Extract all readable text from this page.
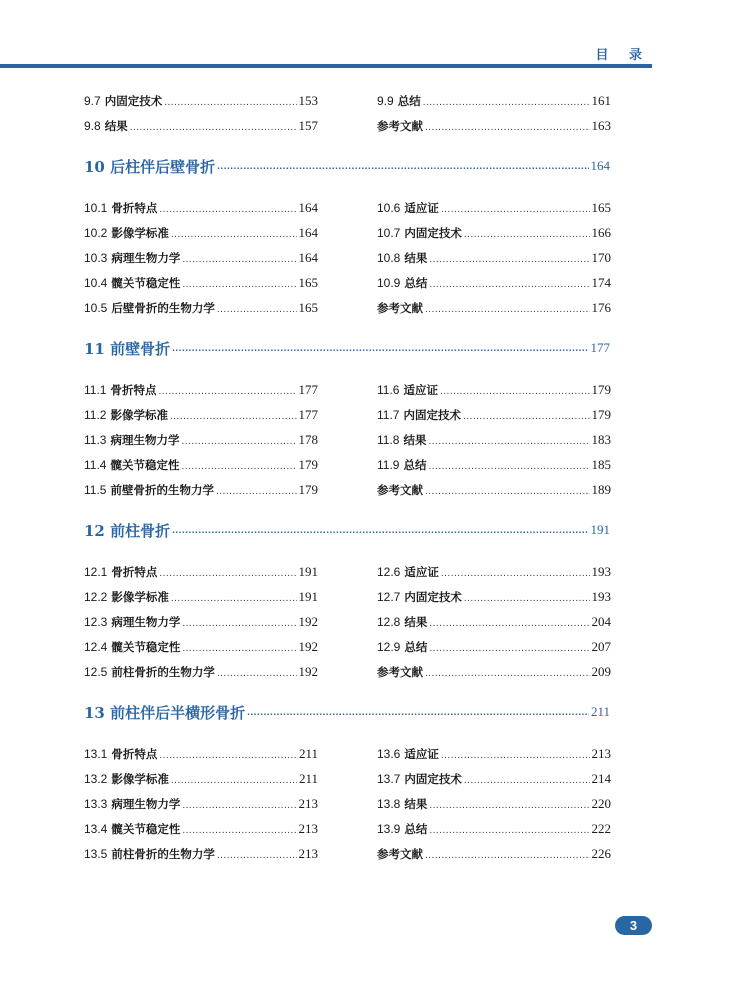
目 录
9.7 内固定技术 .....	153	9.9 总结 .....	161
9.8 结果 .....	157	参考文献 .....	163
10 后柱伴后壁骨折 .....	164
10.1 骨折特点 .....	164	10.6 适应证 .....	165
10.2 影像学标准 .....	164	10.7 内固定技术 .....	166
10.3 病理生物力学 .....	164	10.8 结果 .....	170
10.4 髋关节稳定性 .....	165	10.9 总结 .....	174
10.5 后壁骨折的生物力学 .....	165	参考文献 .....	176
11 前壁骨折 .....	177
11.1 骨折特点 .....	177	11.6 适应证 .....	179
11.2 影像学标准 .....	177	11.7 内固定技术 .....	179
11.3 病理生物力学 .....	178	11.8 结果 .....	183
11.4 髋关节稳定性 .....	179	11.9 总结 .....	185
11.5 前壁骨折的生物力学 .....	179	参考文献 .....	189
12 前柱骨折 .....	191
12.1 骨折特点 .....	191	12.6 适应证 .....	193
12.2 影像学标准 .....	191	12.7 内固定技术 .....	193
12.3 病理生物力学 .....	192	12.8 结果 .....	204
12.4 髋关节稳定性 .....	192	12.9 总结 .....	207
12.5 前柱骨折的生物力学 .....	192	参考文献 .....	209
13 前柱伴后半横形骨折 .....	211
13.1 骨折特点 .....	211	13.6 适应证 .....	213
13.2 影像学标准 .....	211	13.7 内固定技术 .....	214
13.3 病理生物力学 .....	213	13.8 结果 .....	220
13.4 髋关节稳定性 .....	213	13.9 总结 .....	222
13.5 前柱骨折的生物力学 .....	213	参考文献 .....	226
3
